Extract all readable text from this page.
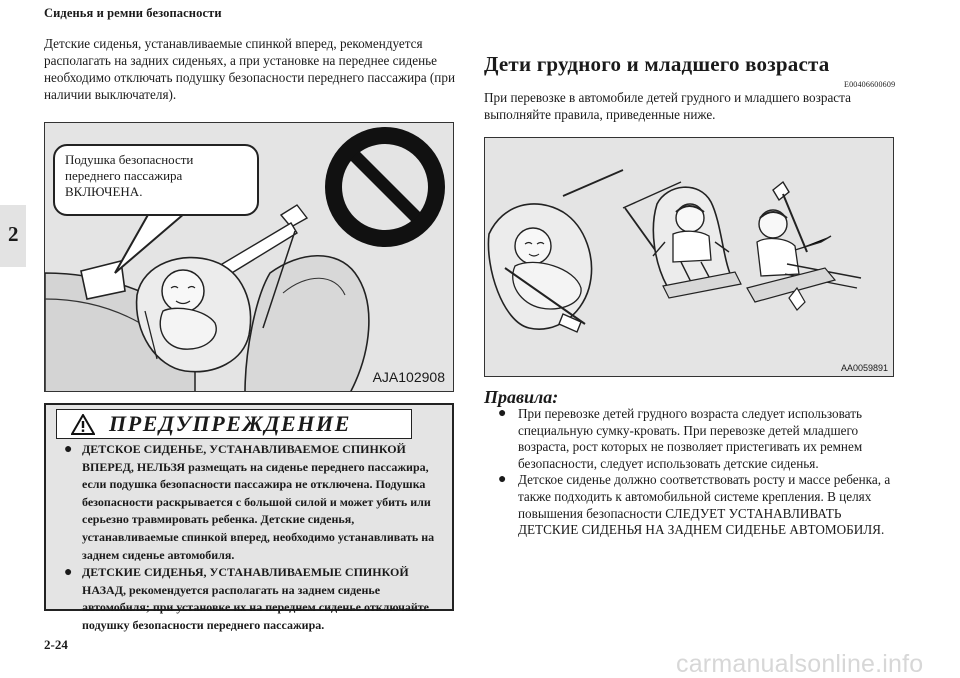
Сиденья и ремни безопасности
2

Детские сиденья, устанавливаемые спинкой вперед, рекомендуется располагать на задних сиденьях, а при установке на переднее сиденье необходимо отключать подушку безопасности переднего пассажира (при наличии выключателя).

Подушка безопасности
переднего пассажира
ВКЛЮЧЕНА.
AJA102908
ПРЕДУПРЕЖДЕНИЕ
● ДЕТСКОЕ СИДЕНЬЕ, УСТАНАВЛИВАЕМОЕ СПИНКОЙ ВПЕРЕД, НЕЛЬЗЯ размещать на сиденье переднего пассажира, если подушка безопасности пассажира не отключена. Подушка безопасности раскрывается с большой силой и может убить или серьезно травмировать ребенка. Детские сиденья, устанавливаемые спинкой вперед, необходимо устанавливать на заднем сиденье автомобиля.
● ДЕТСКИЕ СИДЕНЬЯ, УСТАНАВЛИВАЕМЫЕ СПИНКОЙ НАЗАД, рекомендуется располагать на заднем сиденье автомобиля; при установке их на переднем сиденье отключайте подушку безопасности переднего пассажира.
Дети грудного и младшего возраста
E00406600609

При перевозке в автомобиле детей грудного и младшего возраста выполняйте правила, приведенные ниже.

AA0059891
Правила:
● При перевозке детей грудного возраста следует использовать специальную сумку-кровать. При перевозке детей младшего возраста, рост которых не позволяет пристегивать их ремнем безопасности, следует использовать детские сиденья.
● Детское сиденье должно соответствовать росту и массе ребенка, а также подходить к автомобильной системе крепления. В целях повышения безопасности СЛЕДУЕТ УСТАНАВЛИВАТЬ ДЕТСКИЕ СИДЕНЬЯ НА ЗАДНЕМ СИДЕНЬЕ АВТОМОБИЛЯ.
2-24
carmanualsonline.info
